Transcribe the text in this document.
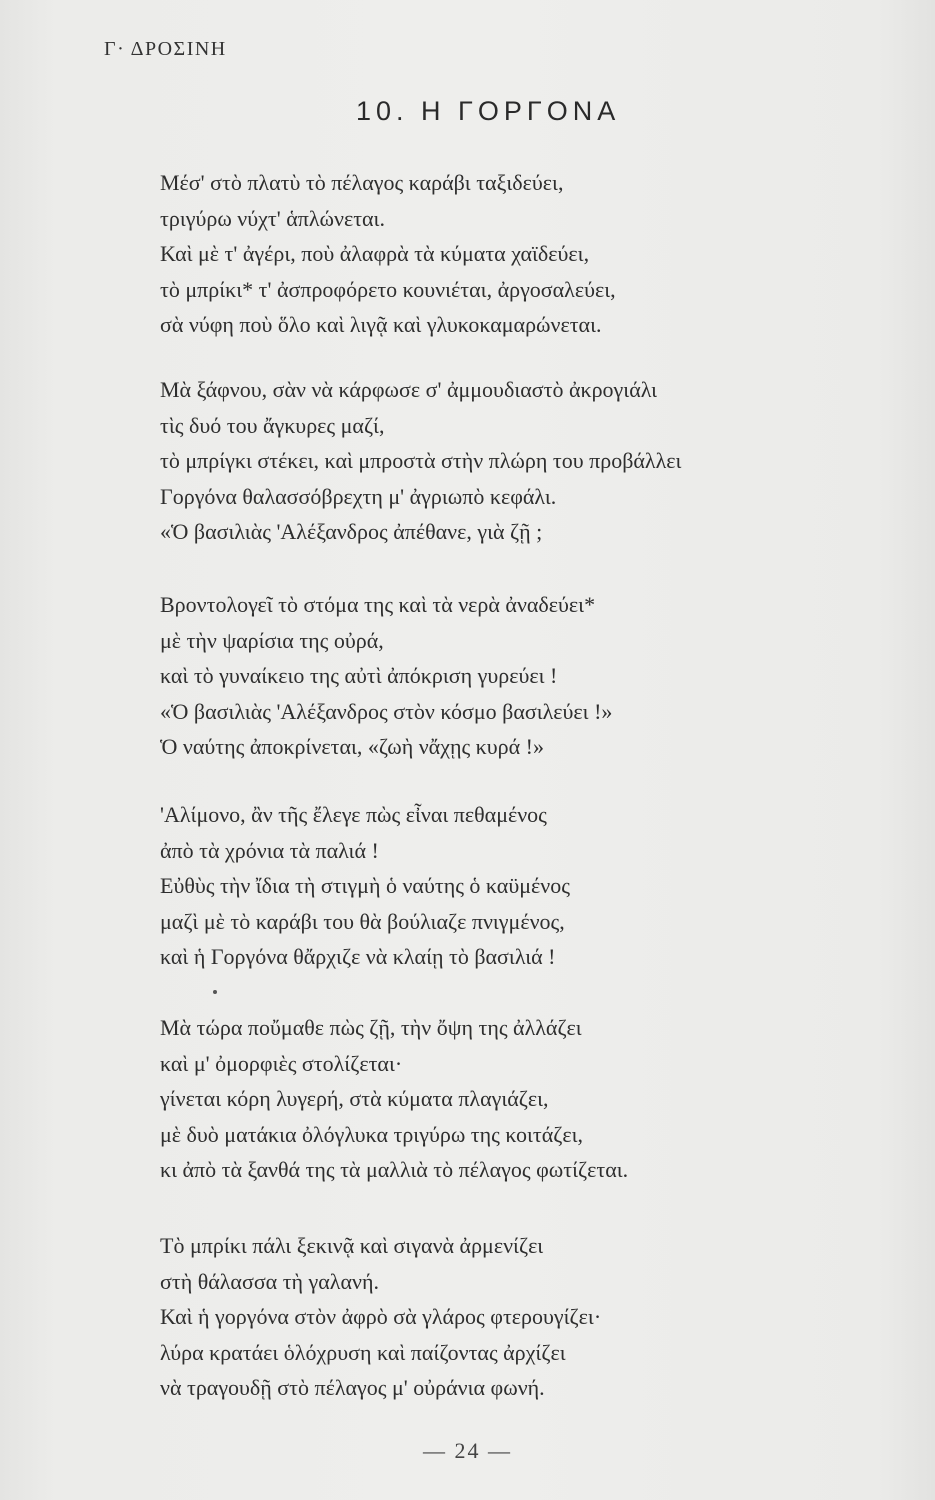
Γ· ΔΡΟΣΙΝΗ
10. Η ΓΟΡΓΟΝΑ
Μέσ' στὸ πλατὺ τὸ πέλαγος καράβι ταξιδεύει,
τριγύρω νύχτ' ἁπλώνεται.
Καὶ μὲ τ' ἀγέρι, ποὺ ἀλαφρὰ τὰ κύματα χαϊδεύει,
τὸ μπρίκι* τ' ἀσπροφόρετο κουνιέται, ἀργοσαλεύει,
σὰ νύφη ποὺ ὅλο καὶ λιγᾷ καὶ γλυκοκαμαρώνεται.
Μὰ ξάφνου, σὰν νὰ κάρφωσε σ' ἀμμουδιαστὸ ἀκρογιάλι
τὶς δυό του ἄγκυρες μαζί,
τὸ μπρίγκι στέκει, καὶ μπροστὰ στὴν πλώρη του προβάλλει
Γοργόνα θαλασσόβρεχτη μ' ἀγριωπὸ κεφάλι.
«Ὁ βασιλιὰς 'Αλέξανδρος ἀπέθανε, γιὰ ζῇ ;
Βροντολογεῖ τὸ στόμα της καὶ τὰ νερὰ ἀναδεύει*
μὲ τὴν ψαρίσια της οὐρά,
καὶ τὸ γυναίκειο της αὐτὶ ἀπόκριση γυρεύει !
«Ὁ βασιλιὰς 'Αλέξανδρος στὸν κόσμο βασιλεύει !»
Ὁ ναύτης ἀποκρίνεται, «ζωὴ νἄχῃς κυρά !»
'Αλίμονο, ἂν τῆς ἔλεγε πὼς εἶναι πεθαμένος
ἀπὸ τὰ χρόνια τὰ παλιά !
Εὐθὺς τὴν ἴδια τὴ στιγμὴ ὁ ναύτης ὁ καϋμένος
μαζὶ μὲ τὸ καράβι του θὰ βούλιαζε πνιγμένος,
καὶ ἡ Γοργόνα θἄρχιζε νὰ κλαίῃ τὸ βασιλιά !
Μὰ τώρα ποὔμαθε πὼς ζῇ, τὴν ὄψη της ἀλλάζει
καὶ μ' ὀμορφιὲς στολίζεται·
γίνεται κόρη λυγερή, στὰ κύματα πλαγιάζει,
μὲ δυὸ ματάκια ὀλόγλυκα τριγύρω της κοιτάζει,
κι ἀπὸ τὰ ξανθά της τὰ μαλλιὰ τὸ πέλαγος φωτίζεται.
Τὸ μπρίκι πάλι ξεκινᾷ καὶ σιγανὰ ἀρμενίζει
στὴ θάλασσα τὴ γαλανή.
Καὶ ἡ γοργόνα στὸν ἀφρὸ σὰ γλάρος φτερουγίζει·
λύρα κρατάει ὁλόχρυση καὶ παίζοντας ἀρχίζει
νὰ τραγουδῇ στὸ πέλαγος μ' οὐράνια φωνή.
— 24 —
